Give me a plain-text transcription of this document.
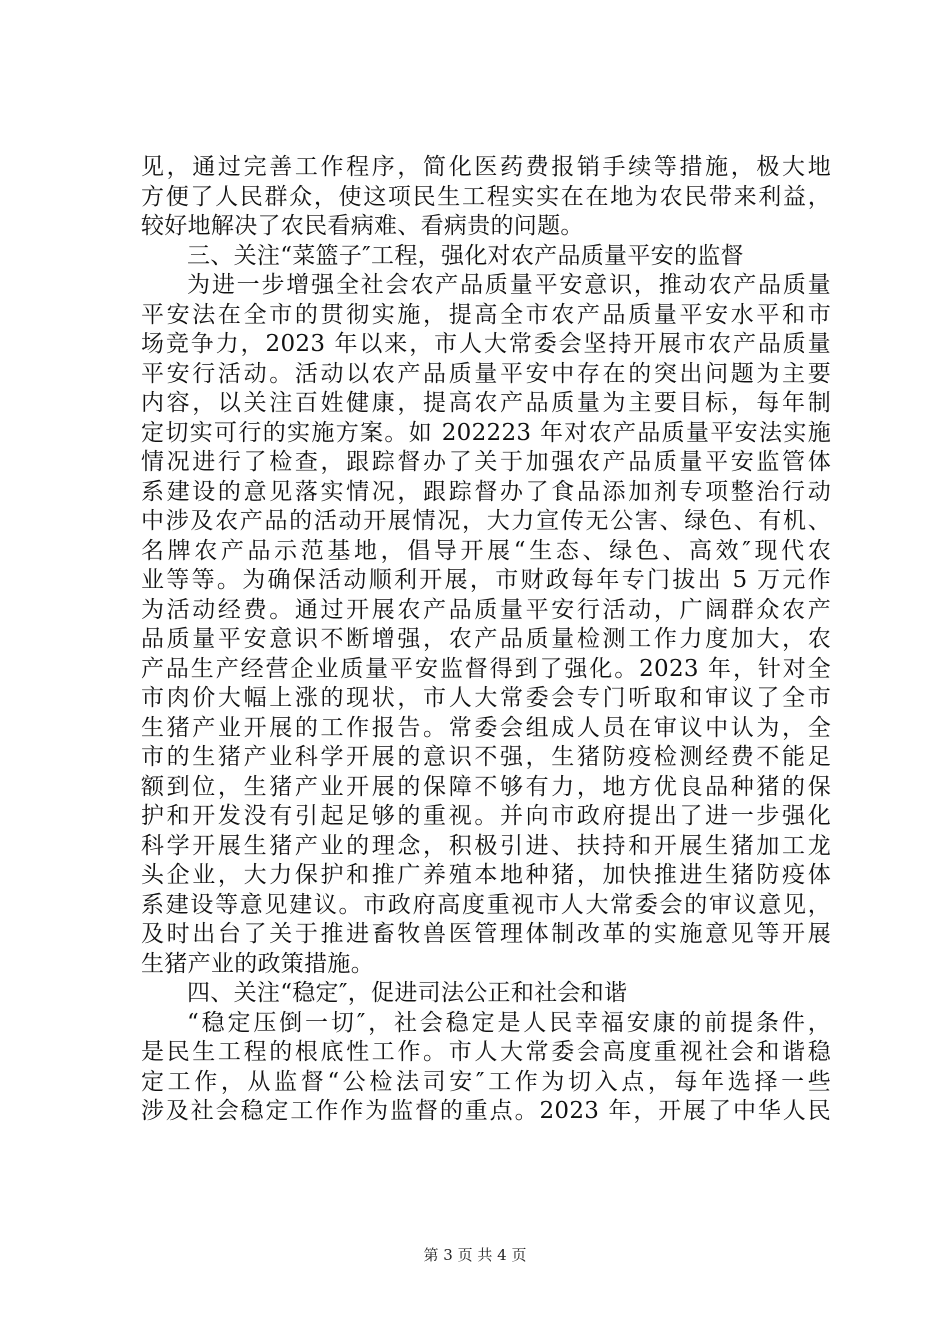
见，通过完善工作程序，简化医药费报销手续等措施，极大地
方便了人民群众，使这项民生工程实实在在地为农民带来利益，
较好地解决了农民看病难、看病贵的问题。
三、关注“菜篮子″工程，强化对农产品质量平安的监督
为进一步增强全社会农产品质量平安意识，推动农产品质量
平安法在全市的贯彻实施，提高全市农产品质量平安水平和市
场竞争力，2023 年以来，市人大常委会坚持开展市农产品质量
平安行活动。活动以农产品质量平安中存在的突出问题为主要
内容，以关注百姓健康，提高农产品质量为主要目标，每年制
定切实可行的实施方案。如 202223 年对农产品质量平安法实施
情况进行了检查，跟踪督办了关于加强农产品质量平安监管体
系建设的意见落实情况，跟踪督办了食品添加剂专项整治行动
中涉及农产品的活动开展情况，大力宣传无公害、绿色、有机、
名牌农产品示范基地，倡导开展“生态、绿色、高效″现代农
业等等。为确保活动顺利开展，市财政每年专门拔出 5 万元作
为活动经费。通过开展农产品质量平安行活动，广阔群众农产
品质量平安意识不断增强，农产品质量检测工作力度加大，农
产品生产经营企业质量平安监督得到了强化。2023 年，针对全
市肉价大幅上涨的现状，市人大常委会专门听取和审议了全市
生猪产业开展的工作报告。常委会组成人员在审议中认为，全
市的生猪产业科学开展的意识不强，生猪防疫检测经费不能足
额到位，生猪产业开展的保障不够有力，地方优良品种猪的保
护和开发没有引起足够的重视。并向市政府提出了进一步强化
科学开展生猪产业的理念，积极引进、扶持和开展生猪加工龙
头企业，大力保护和推广养殖本地种猪，加快推进生猪防疫体
系建设等意见建议。市政府高度重视市人大常委会的审议意见，
及时出台了关于推进畜牧兽医管理体制改革的实施意见等开展
生猪产业的政策措施。
四、关注“稳定″，促进司法公正和社会和谐
“稳定压倒一切″，社会稳定是人民幸福安康的前提条件，
是民生工程的根底性工作。市人大常委会高度重视社会和谐稳
定工作，从监督“公检法司安″工作为切入点，每年选择一些
涉及社会稳定工作作为监督的重点。2023 年，开展了中华人民
第 3 页 共 4 页
